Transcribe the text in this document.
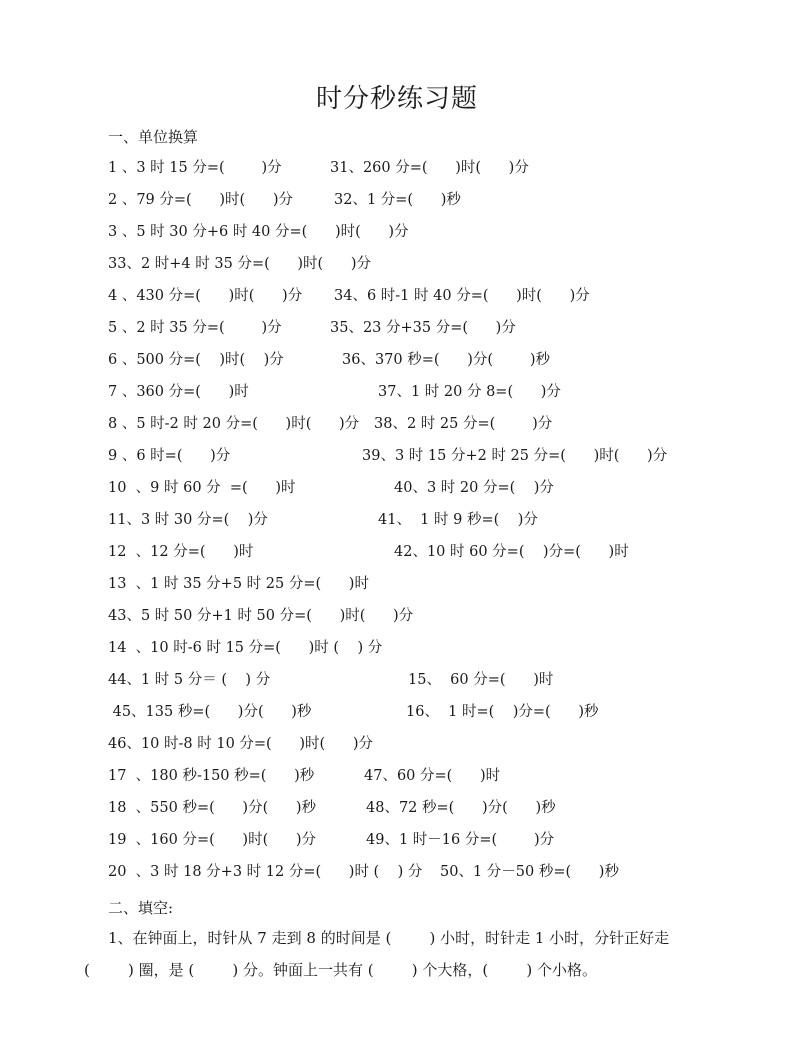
时分秒练习题
一、单位换算
1 、3 时 15 分=(        )分	31、260 分=(      )时(      )分
2 、79 分=(      )时(      )分	32、1 分=(      )秒
3 、5 时 30 分+6 时 40 分=(      )时(      )分
33、2 时+4 时 35 分=(      )时(      )分
4 、430 分=(      )时(      )分 34、6 时-1 时 40 分=(      )时(      )分
5 、2 时 35 分=(        )分	35、23 分+35 分=(      )分
6 、500 分=(    )时(    )分	36、370 秒=(      )分(        )秒
7 、360 分=(      )时	37、1 时 20 分 8=(      )分
8 、5 时-2 时 20 分=(      )时(      )分 38、2 时 25 分=(        )分
9 、6 时=(      )分	39、3 时 15 分+2 时 25 分=(      )时(      )分
10  、9 时 60 分  =(      )时	40、3 时 20 分=(    )分
11、3 时 30 分=(    )分	41、  1 时 9 秒=(    )分
12  、12 分=(      )时	42、10 时 60 分=(    )分=(      )时
13  、1 时 35 分+5 时 25 分=(      )时
43、5 时 50 分+1 时 50 分=(      )时(      )分
14  、10 时-6 时 15 分=(      )时 (    ) 分
44、1 时 5 分＝ (    ) 分	15、  60 分=(      )时
45、135 秒=(      )分(      )秒	16、  1 时=(    )分=(      )秒
46、10 时-8 时 10 分=(      )时(      )分
17  、180 秒-150 秒=(      )秒	47、60 分=(      )时
18  、550 秒=(      )分(      )秒	48、72 秒=(      )分(      )秒
19  、160 分=(      )时(      )分	49、1 时－16 分=(        )分
20  、3 时 18 分+3 时 12 分=(      )时 (    ) 分 50、1 分－50 秒=(      )秒
二、填空:
1、在钟面上，时针从 7 走到 8 的时间是 (        ) 小时，时针走 1 小时，分针正好走
(        ) 圈，是 (        ) 分。钟面上一共有 (        ) 个大格，(        ) 个小格。
